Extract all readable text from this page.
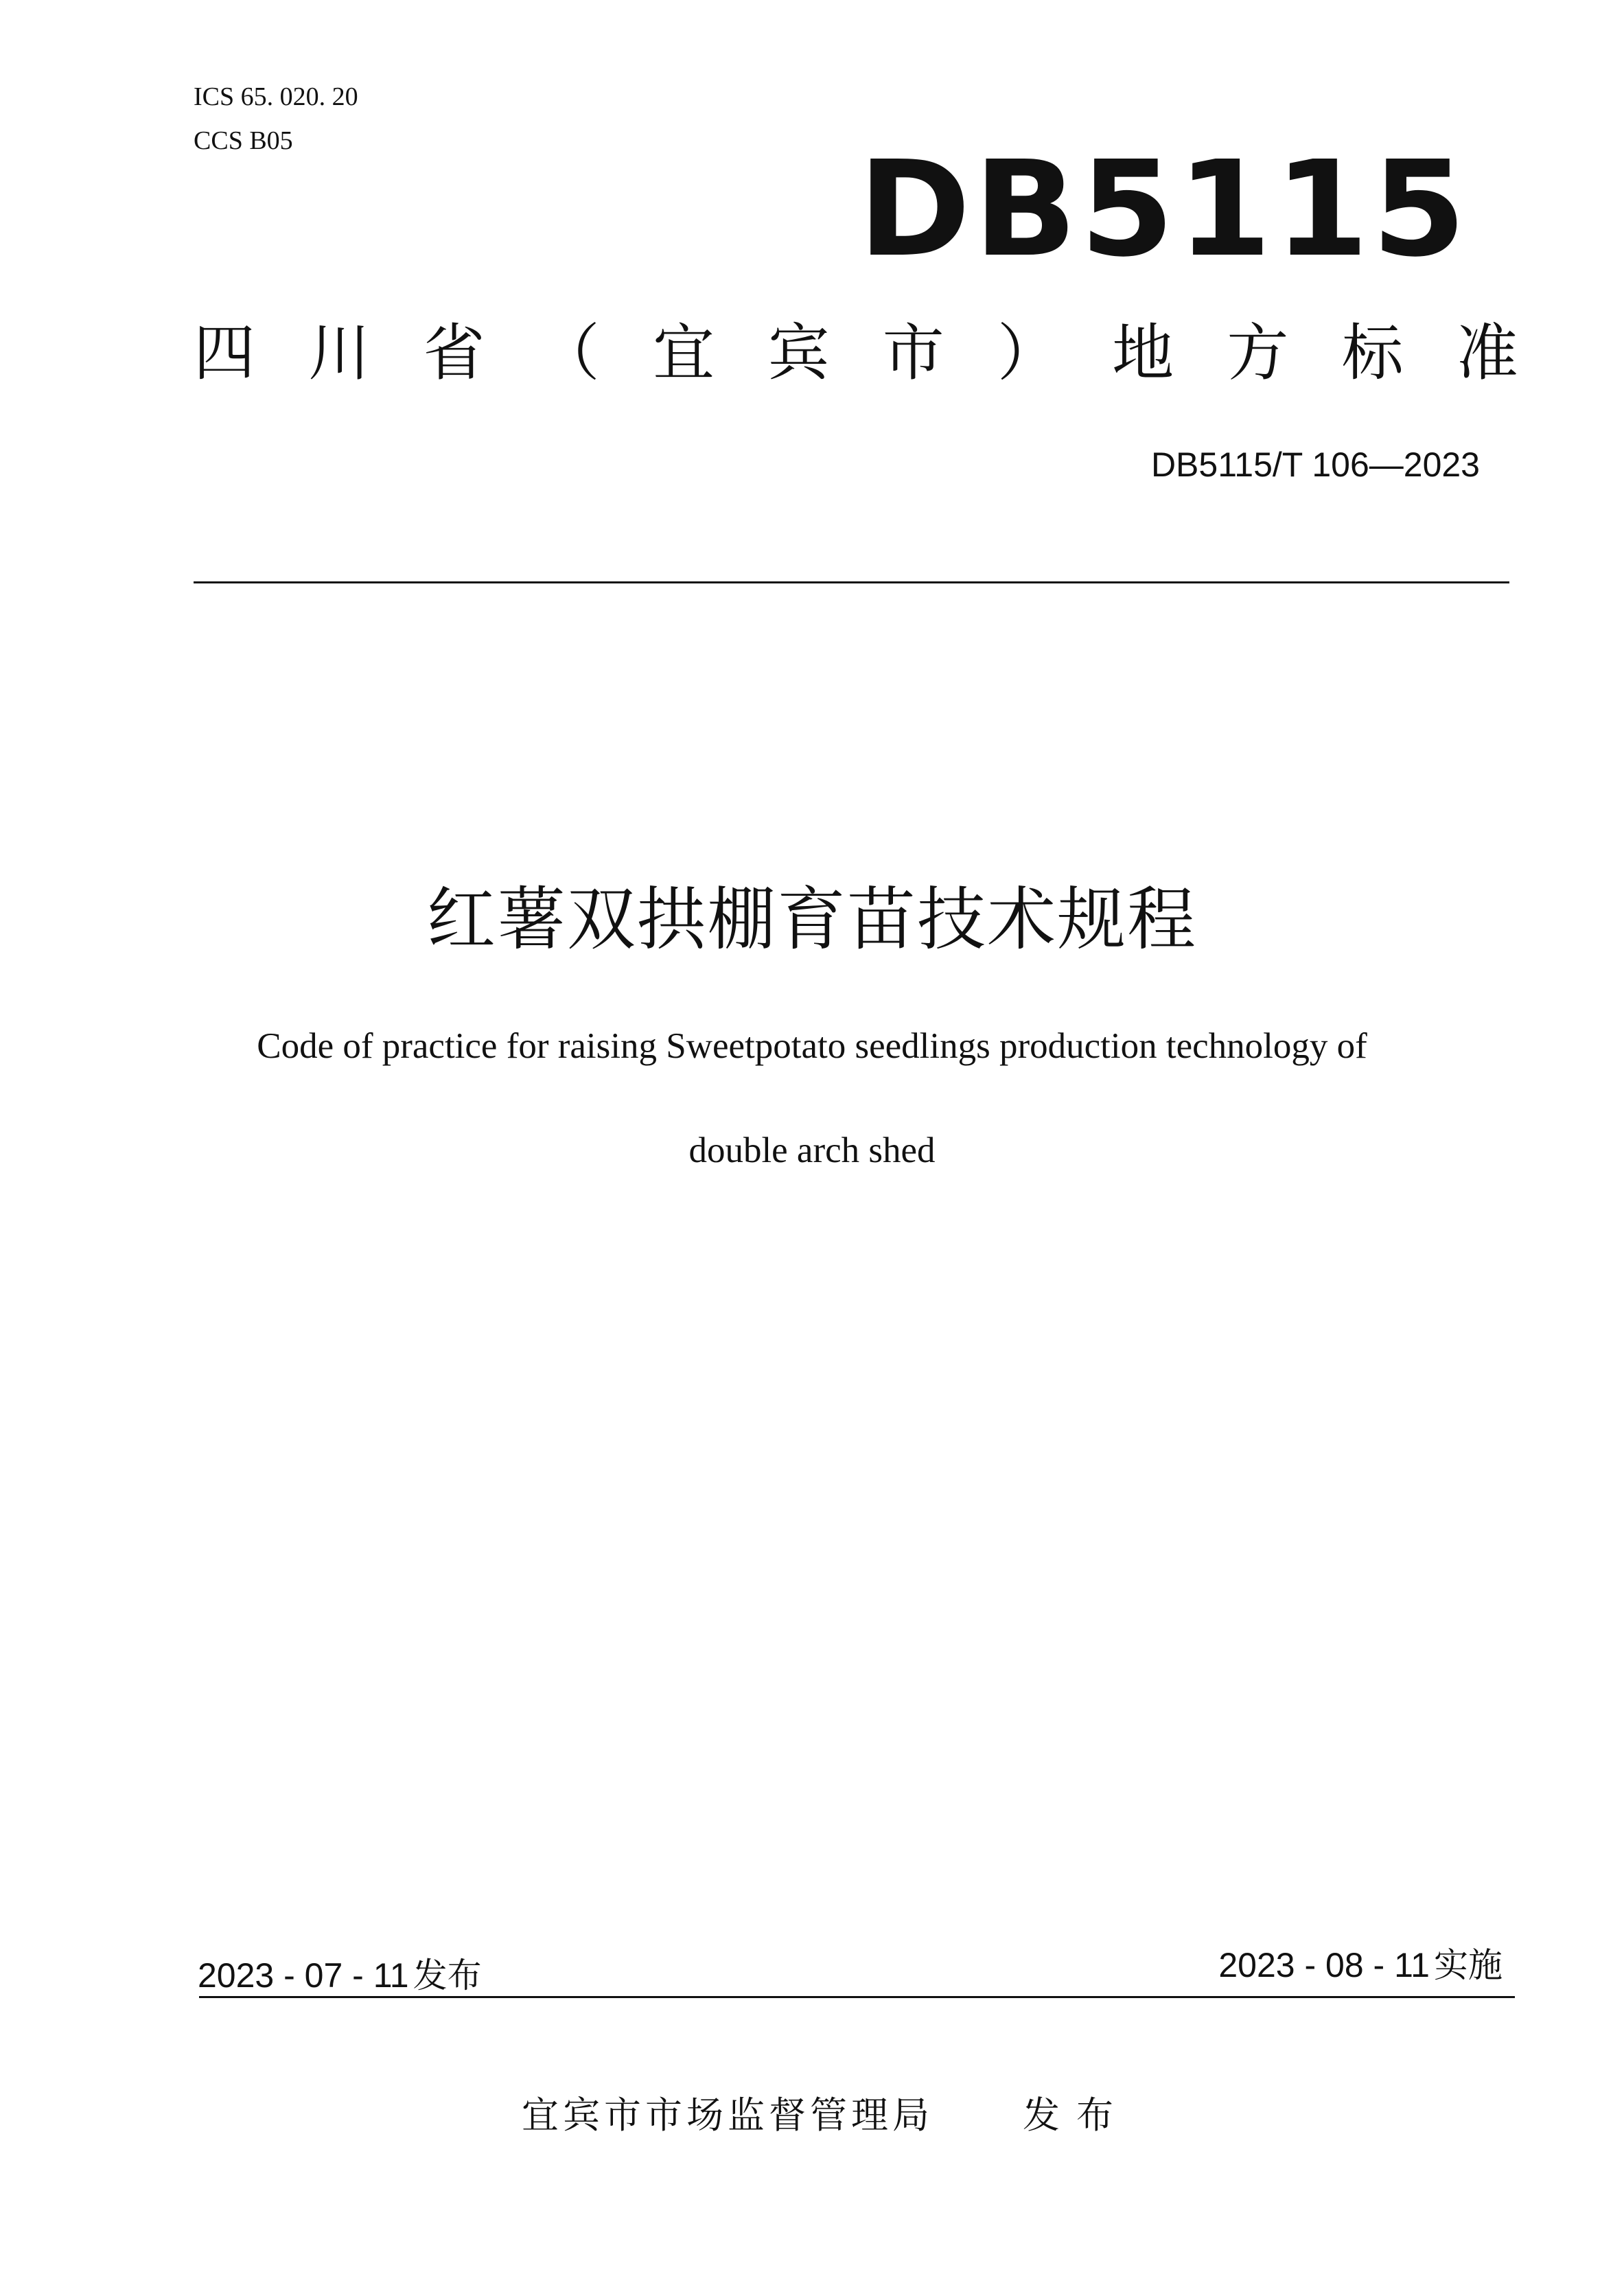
ICS 65. 020. 20
CCS B05	DB5115
四 川 省 （ 宜 宾 市 ） 地 方 标 准
DB5115/T 106—2023
红薯双拱棚育苗技术规程
Code of practice for raising Sweetpotato seedlings production technology of
double arch shed
2023 - 07 - 11 发布	2023 - 08 - 11 实施
宜宾市市场监督管理局 发布
